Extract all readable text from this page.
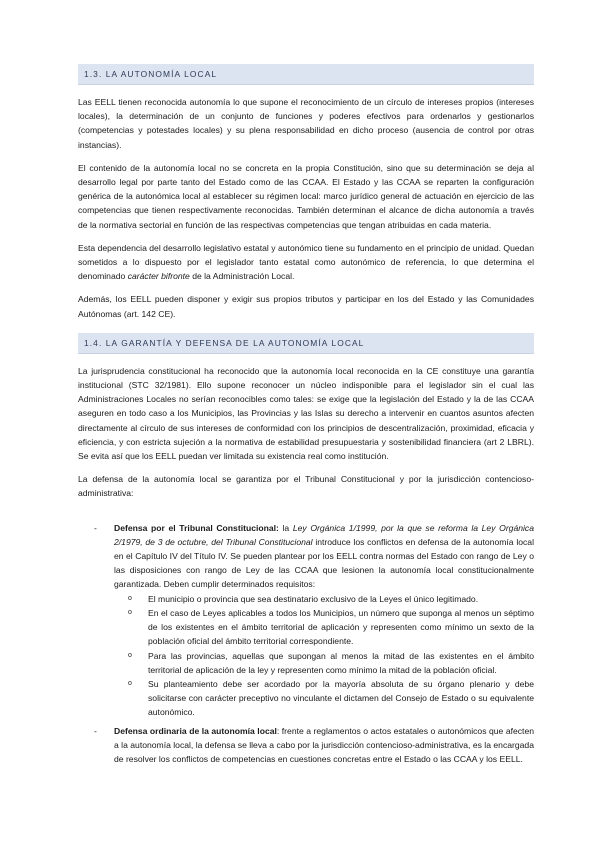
1.3. LA AUTONOMÍA LOCAL

Las EELL tienen reconocida autonomía lo que supone el reconocimiento de un círculo de intereses propios (intereses locales), la determinación de un conjunto de funciones y poderes efectivos para ordenarlos y gestionarlos (competencias y potestades locales) y su plena responsabilidad en dicho proceso (ausencia de control por otras instancias).

El contenido de la autonomía local no se concreta en la propia Constitución, sino que su determinación se deja al desarrollo legal por parte tanto del Estado como de las CCAA. El Estado y las CCAA se reparten la configuración genérica de la autonómica local al establecer su régimen local: marco jurídico general de actuación en ejercicio de las competencias que tienen respectivamente reconocidas. También determinan el alcance de dicha autonomía a través de la normativa sectorial en función de las respectivas competencias que tengan atribuidas en cada materia.

Esta dependencia del desarrollo legislativo estatal y autonómico tiene su fundamento en el principio de unidad. Quedan sometidos a lo dispuesto por el legislador tanto estatal como autonómico de referencia, lo que determina el denominado carácter bifronte de la Administración Local.

Además, los EELL pueden disponer y exigir sus propios tributos y participar en los del Estado y las Comunidades Autónomas (art. 142 CE).

1.4. LA GARANTÍA Y DEFENSA DE LA AUTONOMÍA LOCAL

La jurisprudencia constitucional ha reconocido que la autonomía local reconocida en la CE constituye una garantía institucional (STC 32/1981). Ello supone reconocer un núcleo indisponible para el legislador sin el cual las Administraciones Locales no serían reconocibles como tales: se exige que la legislación del Estado y la de las CCAA aseguren en todo caso a los Municipios, las Provincias y las Islas su derecho a intervenir en cuantos asuntos afecten directamente al círculo de sus intereses de conformidad con los principios de descentralización, proximidad, eficacia y eficiencia, y con estricta sujeción a la normativa de estabilidad presupuestaria y sostenibilidad financiera (art 2 LBRL). Se evita así que los EELL puedan ver limitada su existencia real como institución.

La defensa de la autonomía local se garantiza por el Tribunal Constitucional y por la jurisdicción contencioso-administrativa:

- Defensa por el Tribunal Constitucional: la Ley Orgánica 1/1999, por la que se reforma la Ley Orgánica 2/1979, de 3 de octubre, del Tribunal Constitucional introduce los conflictos en defensa de la autonomía local en el Capítulo IV del Título IV. Se pueden plantear por los EELL contra normas del Estado con rango de Ley o las disposiciones con rango de Ley de las CCAA que lesionen la autonomía local constitucionalmente garantizada. Deben cumplir determinados requisitos:
o El municipio o provincia que sea destinatario exclusivo de la Leyes el único legitimado.
o En el caso de Leyes aplicables a todos los Municipios, un número que suponga al menos un séptimo de los existentes en el ámbito territorial de aplicación y representen como mínimo un sexto de la población oficial del ámbito territorial correspondiente.
o Para las provincias, aquellas que supongan al menos la mitad de las existentes en el ámbito territorial de aplicación de la ley y representen como mínimo la mitad de la población oficial.
o Su planteamiento debe ser acordado por la mayoría absoluta de su órgano plenario y debe solicitarse con carácter preceptivo no vinculante el dictamen del Consejo de Estado o su equivalente autonómico.
- Defensa ordinaria de la autonomía local: frente a reglamentos o actos estatales o autonómicos que afecten a la autonomía local, la defensa se lleva a cabo por la jurisdicción contencioso-administrativa, es la encargada de resolver los conflictos de competencias en cuestiones concretas entre el Estado o las CCAA y los EELL.
